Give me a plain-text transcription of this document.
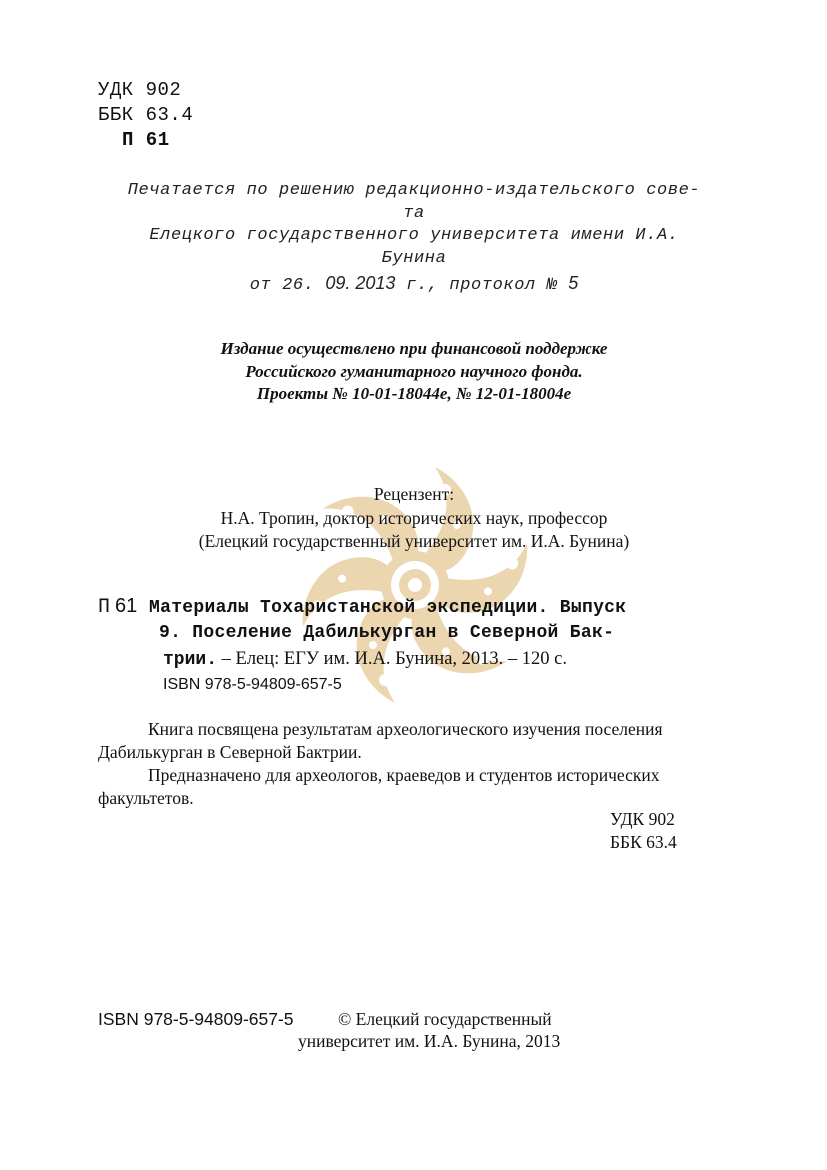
УДК 902
ББК 63.4
П 61
Печатается по решению редакционно-издательского сове-
та
Елецкого государственного университета имени И.А.
Бунина
от 26. 09. 2013 г., протокол № 5
Издание осуществлено при финансовой поддержке
Российского гуманитарного научного фонда.
Проекты № 10-01-18044е, № 12-01-18004е
Рецензент:
Н.А. Тропин, доктор исторических наук, профессор
(Елецкий государственный университет им. И.А. Бунина)
П 61 Материалы Тохаристанской экспедиции. Выпуск
9. Поселение Дабилькурган в Северной Бак-
трии. – Елец: ЕГУ им. И.А. Бунина, 2013. – 120 с.
ISBN 978-5-94809-657-5

Книга посвящена результатам археологического изучения поселения Дабилькурган в Северной Бактрии.

Предназначено для археологов, краеведов и студентов исторических факультетов.

УДК 902
ББК 63.4
ISBN 978-5-94809-657-5	© Елецкий государственный
университет им. И.А. Бунина, 2013
